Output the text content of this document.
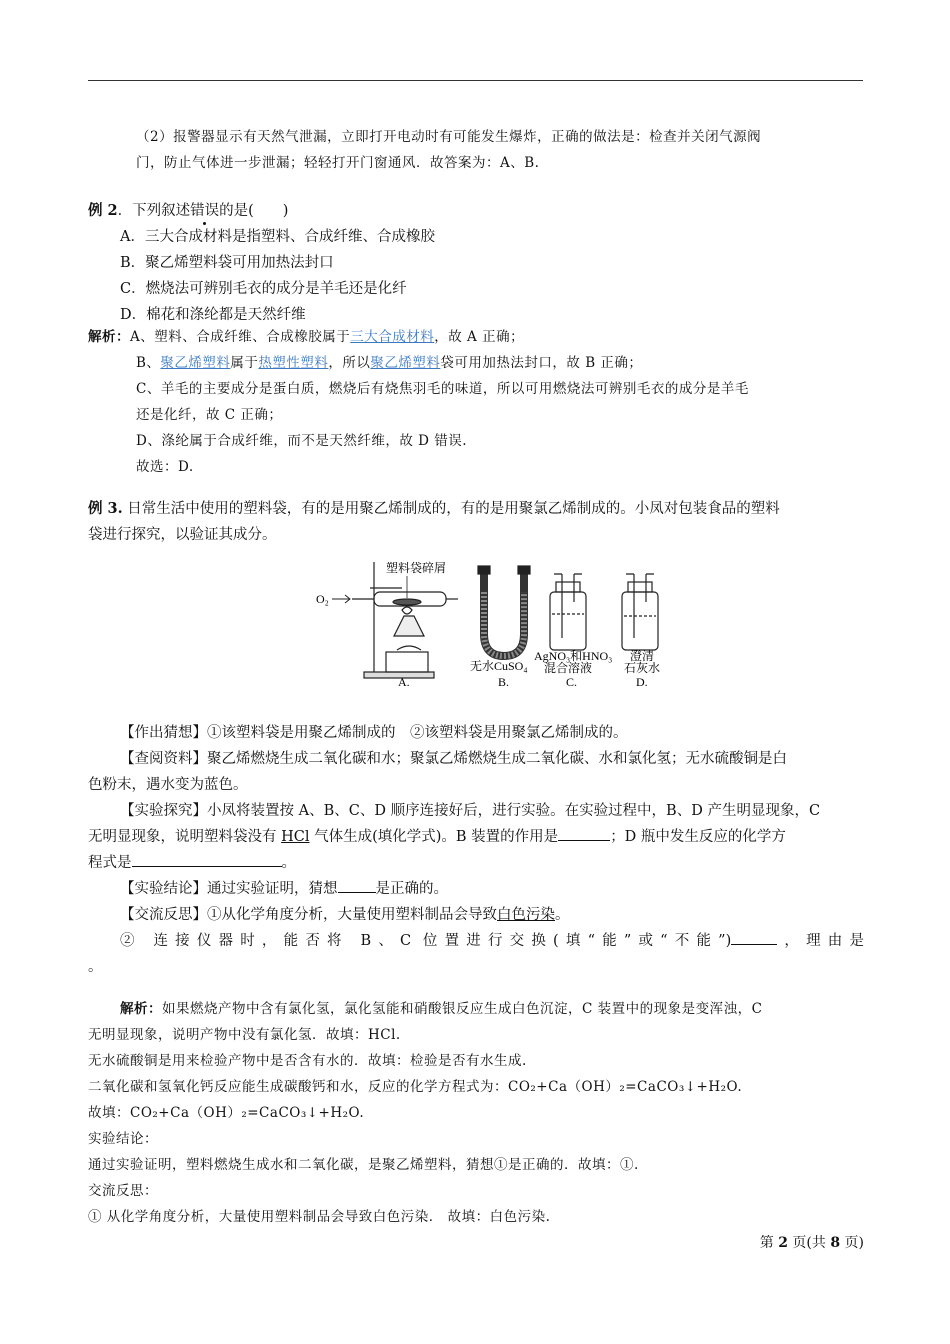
（2）报警器显示有天然气泄漏，立即打开电动时有可能发生爆炸，正确的做法是：检查并关闭气源阀

门，防止气体进一步泄漏；轻轻打开门窗通风．故答案为：A、B.

例 2．下列叙述错误的是(　　)

A．三大合成材料是指塑料、合成纤维、合成橡胶

B．聚乙烯塑料袋可用加热法封口

C．燃烧法可辨别毛衣的成分是羊毛还是化纤

D．棉花和涤纶都是天然纤维

解析：A、塑料、合成纤维、合成橡胶属于三大合成材料，故 A 正确；

B、聚乙烯塑料属于热塑性塑料，所以聚乙烯塑料袋可用加热法封口，故 B 正确；

C、羊毛的主要成分是蛋白质，燃烧后有烧焦羽毛的味道，所以可用燃烧法可辨别毛衣的成分是羊毛

还是化纤，故 C 正确；

D、涤纶属于合成纤维，而不是天然纤维，故 D 错误.

故选：D.

例 3. 日常生活中使用的塑料袋，有的是用聚乙烯制成的，有的是用聚氯乙烯制成的。小凤对包装食品的塑料

袋进行探究，以验证其成分。

O₂
塑料袋碎屑
无水CuSO₄
AgNO₃和HNO₃
混合溶液
澄清
石灰水
A.	B.	C.	D.

【作出猜想】①该塑料袋是用聚乙烯制成的　②该塑料袋是用聚氯乙烯制成的。

【查阅资料】聚乙烯燃烧生成二氧化碳和水；聚氯乙烯燃烧生成二氧化碳、水和氯化氢；无水硫酸铜是白

色粉末，遇水变为蓝色。

【实验探究】小凤将装置按 A、B、C、D 顺序连接好后，进行实验。在实验过程中，B、D 产生明显现象，C

无明显现象，说明塑料袋没有 HCl 气体生成(填化学式)。B 装置的作用是	；D 瓶中发生反应的化学方

程式是	。

【实验结论】通过实验证明，猜想	是正确的。

【交流反思】①从化学角度分析，大量使用塑料制品会导致白色污染。

② 连接仪器时，能否将 B、C 位置进行交换(填“能”或“不能”)	，理由是

。

解析：如果燃烧产物中含有氯化氢，氯化氢能和硝酸银反应生成白色沉淀，C 装置中的现象是变浑浊，C

无明显现象，说明产物中没有氯化氢．故填：HCl.

无水硫酸铜是用来检验产物中是否含有水的．故填：检验是否有水生成.

二氧化碳和氢氧化钙反应能生成碳酸钙和水，反应的化学方程式为：CO₂+Ca（OH）₂=CaCO₃↓+H₂O.

故填：CO₂+Ca（OH）₂=CaCO₃↓+H₂O.

实验结论：

通过实验证明，塑料燃烧生成水和二氧化碳，是聚乙烯塑料，猜想①是正确的．故填：①.

交流反思：

① 从化学角度分析，大量使用塑料制品会导致白色污染． 故填：白色污染.

第 2 页(共 8 页)
